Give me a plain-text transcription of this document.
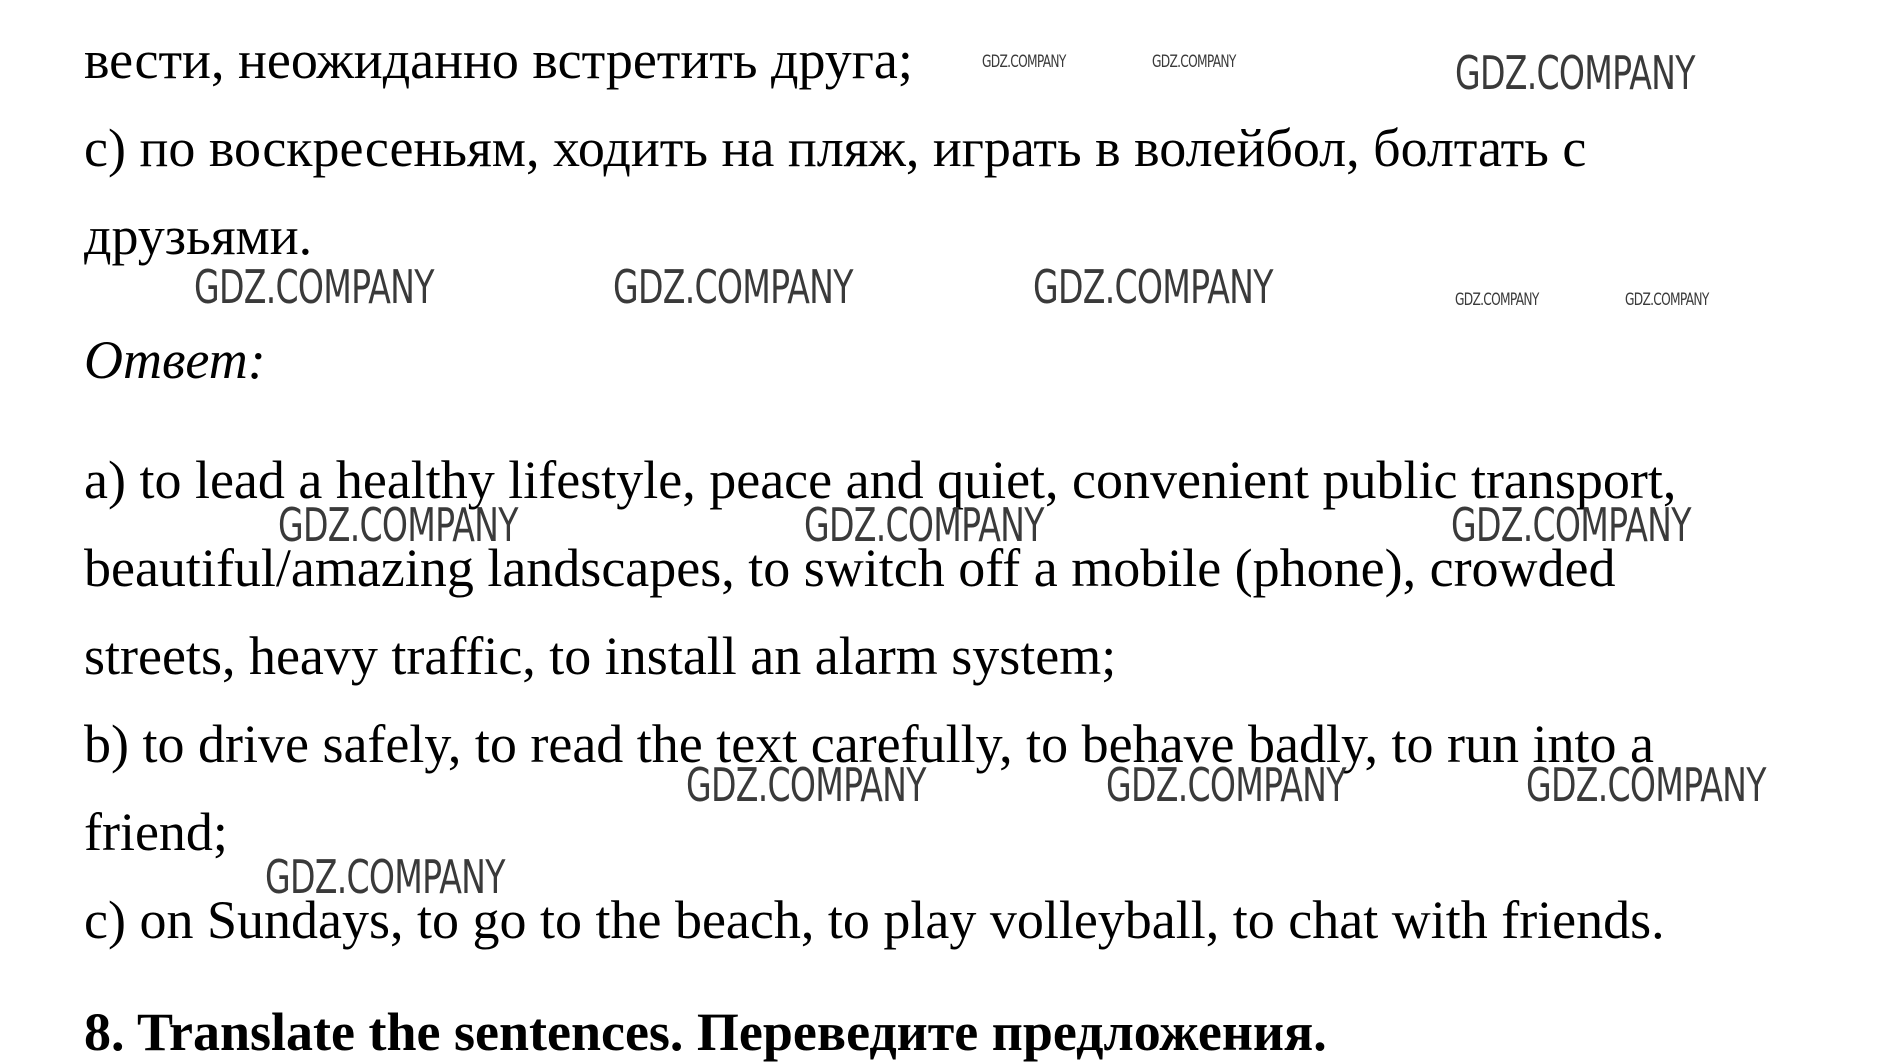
вести, неожиданно встретить друга;

c) по воскресеньям, ходить на пляж, играть в волейбол, болтать с

друзьями.

Ответ:

a) to lead a healthy lifestyle, peace and quiet, convenient public transport,

beautiful/amazing landscapes, to switch off a mobile (phone), crowded

streets, heavy traffic, to install an alarm system;

b) to drive safely, to read the text carefully, to behave badly, to run into a

friend;

c) on Sundays, to go to the beach, to play volleyball, to chat with friends.

8. Translate the sentences. Переведите предложения.

GDZ.COMPANY	GDZ.COMPANY	GDZ.COMPANY
GDZ.COMPANY	GDZ.COMPANY	GDZ.COMPANY	GDZ.COMPANY	GDZ.COMPANY
GDZ.COMPANY	GDZ.COMPANY	GDZ.COMPANY
GDZ.COMPANY	GDZ.COMPANY	GDZ.COMPANY
GDZ.COMPANY
